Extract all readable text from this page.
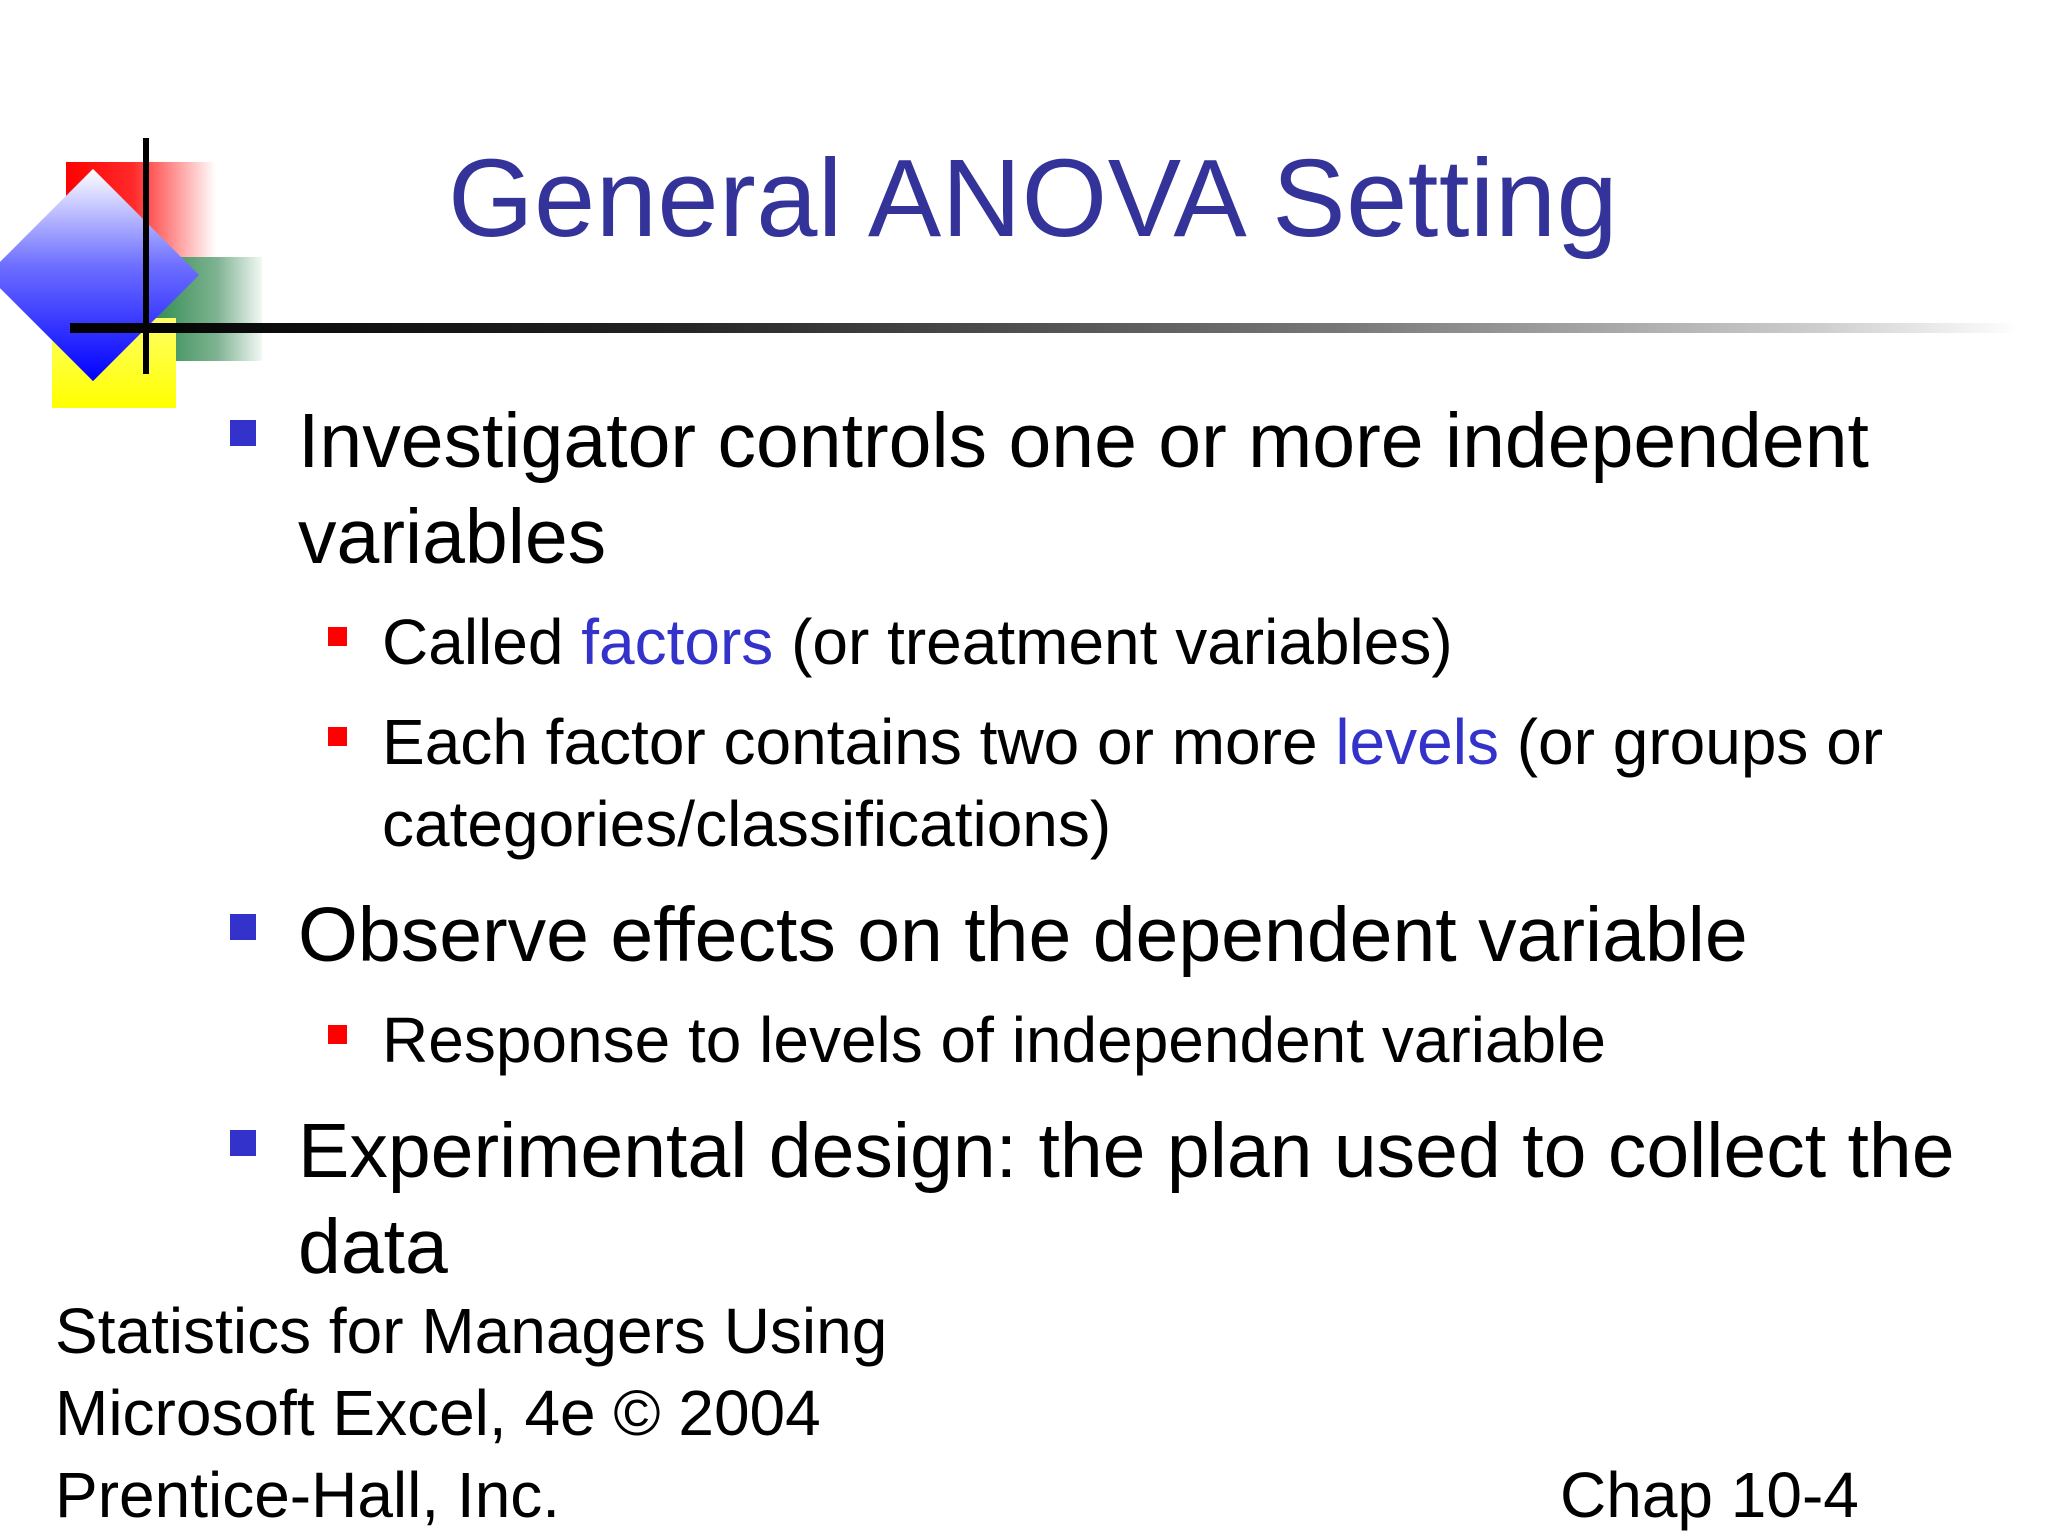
General ANOVA Setting
Investigator controls one or more independent variables
Called factors (or treatment variables)
Each factor contains two or more levels (or groups or categories/classifications)
Observe effects on the dependent variable
Response to levels of independent variable
Experimental design: the plan used to collect the data
Statistics for Managers Using
Microsoft Excel, 4e © 2004
Prentice-Hall, Inc.	Chap 10-4
